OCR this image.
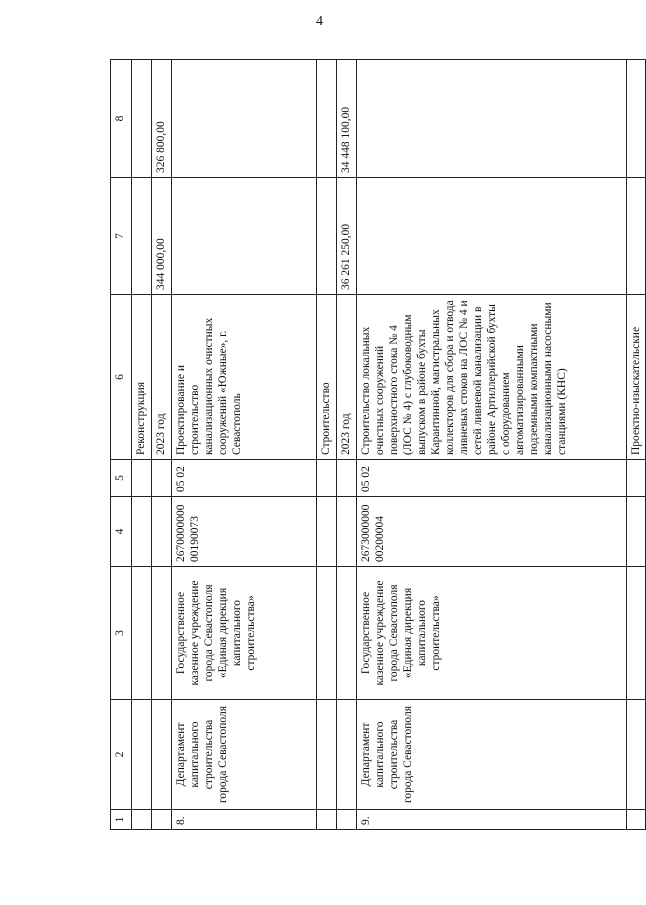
4
1	2	3	4	5	6	7	8
					Реконструкция		
					2023 год	344 000,00	326 800,00
8.	Департамент капитального строительства города Севастополя	Государственное казенное учреждение города Севастополя «Единая дирекция капитального строительства»	2670000000 00190073	05 02	Проектирование и строительство канализационных очистных сооружений «Южные», г. Севастополь		
					Строительство		
					2023 год	36 261 250,00	34 448 100,00
9.	Департамент капитального строительства города Севастополя	Государственное казенное учреждение города Севастополя «Единая дирекция капитального строительства»	2673000000 00200004	05 02	Строительство локальных очистных сооружений поверхностного стока № 4 (ЛОС № 4) с глубоководным выпуском в районе бухты Карантинной, магистральных коллекторов для сбора и отвода ливневых стоков на ЛОС № 4 и сетей ливневой канализации в районе Артиллерийской бухты с оборудованием автоматизированными подземными компактными канализационными насосными станциями (КНС)		
					Проектно-изыскательские		
